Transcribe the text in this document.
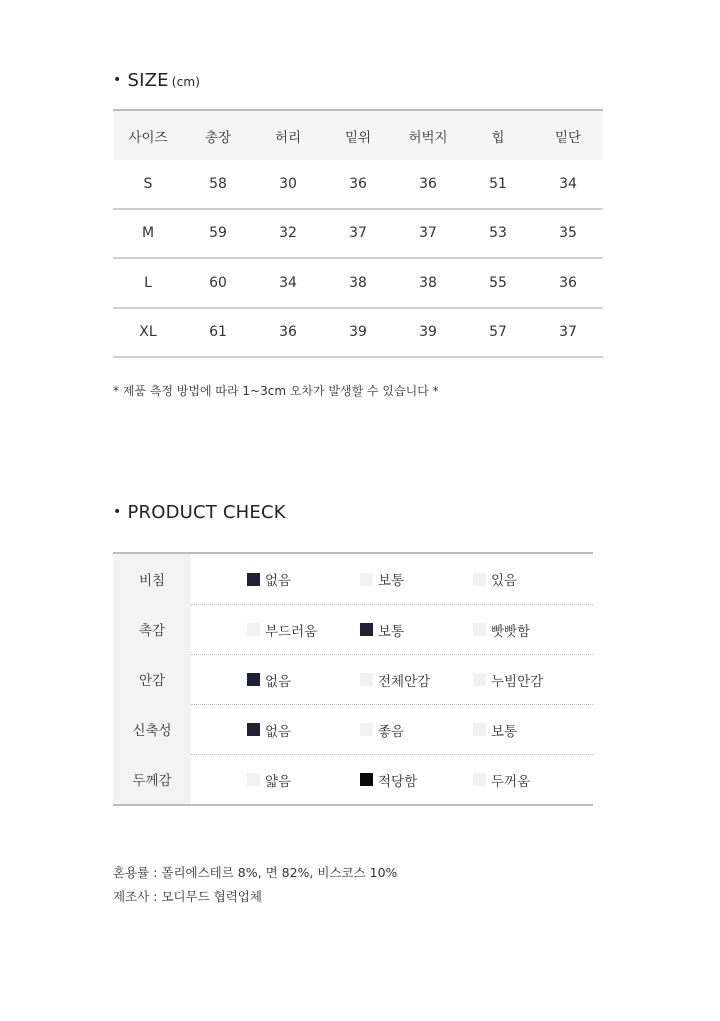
• SIZE (cm)
사이즈	총장	허리	밑위	허벅지	힙	밑단
S	58	30	36	36	51	34
M	59	32	37	37	53	35
L	60	34	38	38	55	36
XL	61	36	39	39	57	37
* 제품 측정 방법에 따라 1~3cm 오차가 발생할 수 있습니다 *
• PRODUCT CHECK
비침	없음	보통	있음
촉감	부드러움	보통	빳빳함
안감	없음	전체안감	누빔안감
신축성	없음	좋음	보통
두께감	얇음	적당함	두꺼움
혼용률 : 폴리에스테르 8%, 면 82%, 비스코스 10%
제조사 : 모디무드 협력업체
